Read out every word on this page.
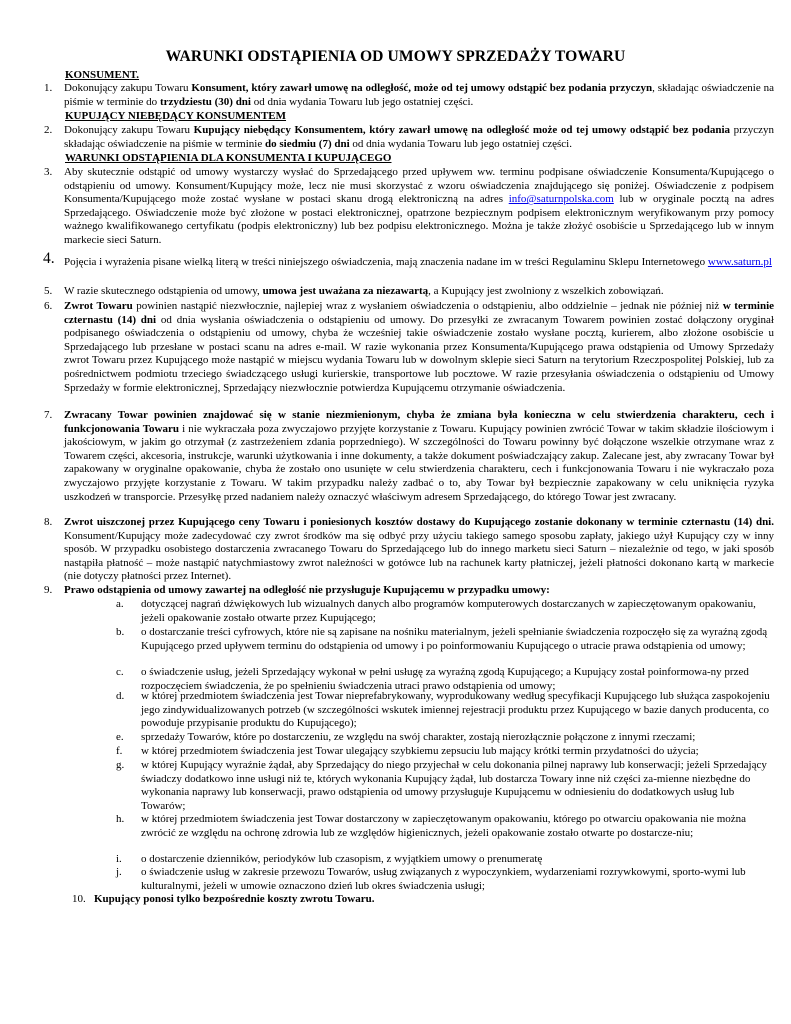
WARUNKI ODSTĄPIENIA OD UMOWY SPRZEDAŻY TOWARU
KONSUMENT.
1. Dokonujący zakupu Towaru Konsument, który zawarł umowę na odległość, może od tej umowy odstąpić bez podania przyczyn, składając oświadczenie na piśmie w terminie do trzydziestu (30) dni od dnia wydania Towaru lub jego ostatniej części.

KUPUJĄCY NIEBĘDĄCY KONSUMENTEM
2. Dokonujący zakupu Towaru Kupujący niebędący Konsumentem, który zawarł umowę na odległość może od tej umowy odstąpić bez podania przyczyn składając oświadczenie na piśmie w terminie do siedmiu (7) dni od dnia wydania Towaru lub jego ostatniej części.

WARUNKI ODSTĄPIENIA DLA KONSUMENTA I KUPUJĄCEGO
3. Aby skutecznie odstąpić od umowy wystarczy wysłać do Sprzedającego przed upływem ww. terminu podpisane oświadczenie Konsumenta/Kupującego o odstąpieniu od umowy. Konsument/Kupujący może, lecz nie musi skorzystać z wzoru oświadczenia znajdującego się poniżej. Oświadczenie z podpisem Konsumenta/Kupującego może zostać wysłane w postaci skanu drogą elektroniczną na adres info@saturnpolska.com lub w oryginale pocztą na adres Sprzedającego. Oświadczenie może być złożone w postaci elektronicznej, opatrzone bezpiecznym podpisem elektronicznym weryfikowanym przy pomocy ważnego kwalifikowanego certyfikatu (podpis elektroniczny) lub bez podpisu elektronicznego. Można je także złożyć osobiście u Sprzedającego lub w innym markecie sieci Saturn.

4. Pojęcia i wyrażenia pisane wielką literą w treści niniejszego oświadczenia, mają znaczenia nadane im w treści Regulaminu Sklepu Internetowego www.saturn.pl

5. W razie skutecznego odstąpienia od umowy, umowa jest uważana za niezawartą, a Kupujący jest zwolniony z wszelkich zobowiązań.

6. Zwrot Towaru powinien nastąpić niezwłocznie, najlepiej wraz z wysłaniem oświadczenia o odstąpieniu, albo oddzielnie – jednak nie później niż w terminie czternastu (14) dni od dnia wysłania oświadczenia o odstąpieniu od umowy. Do przesyłki ze zwracanym Towarem powinien zostać dołączony oryginał podpisanego oświadczenia o odstąpieniu od umowy, chyba że wcześniej takie oświadczenie zostało wysłane pocztą, kurierem, albo złożone osobiście u Sprzedającego lub przesłane w postaci scanu na adres e-mail. W razie wykonania przez Konsumenta/Kupującego prawa odstąpienia od Umowy Sprzedaży zwrot Towaru przez Kupującego może nastąpić w miejscu wydania Towaru lub w dowolnym sklepie sieci Saturn na terytorium Rzeczpospolitej Polskiej, lub za pośrednictwem podmiotu trzeciego świadczącego usługi kurierskie, transportowe lub pocztowe. W razie przesyłania oświadczenia o odstąpieniu od Umowy Sprzedaży w formie elektronicznej, Sprzedający niezwłocznie potwierdza Kupującemu otrzymanie oświadczenia.

7. Zwracany Towar powinien znajdować się w stanie niezmienionym, chyba że zmiana była konieczna w celu stwierdzenia charakteru, cech i funkcjonowania Towaru i nie wykraczała poza zwyczajowo przyjęte korzystanie z Towaru. Kupujący powinien zwrócić Towar w takim składzie ilościowym i jakościowym, w jakim go otrzymał (z zastrzeżeniem zdania poprzedniego). W szczególności do Towaru powinny być dołączone wszelkie otrzymane wraz z Towarem części, akcesoria, instrukcje, warunki użytkowania i inne dokumenty, a także dokument poświadczający zakup. Zalecane jest, aby zwracany Towar był zapakowany w oryginalne opakowanie, chyba że zostało ono usunięte w celu stwierdzenia charakteru, cech i funkcjonowania Towaru i nie wykraczało poza zwyczajowo przyjęte korzystanie z Towaru. W takim przypadku należy zadbać o to, aby Towar był bezpiecznie zapakowany w celu uniknięcia ryzyka uszkodzeń w transporcie. Przesyłkę przed nadaniem należy oznaczyć właściwym adresem Sprzedającego, do którego Towar jest zwracany.

8. Zwrot uiszczonej przez Kupującego ceny Towaru i poniesionych kosztów dostawy do Kupującego zostanie dokonany w terminie czternastu (14) dni. Konsument/Kupujący może zadecydować czy zwrot środków ma się odbyć przy użyciu takiego samego sposobu zapłaty, jakiego użył Kupujący czy w inny sposób. W przypadku osobistego dostarczenia zwracanego Towaru do Sprzedającego lub do innego marketu sieci Saturn – niezależnie od tego, w jaki sposób nastąpiła płatność – może nastąpić natychmiastowy zwrot należności w gotówce lub na rachunek karty płatniczej, jeżeli płatności dokonano kartą w markecie (nie dotyczy płatności przez Internet).

9. Prawo odstąpienia od umowy zawartej na odległość nie przysługuje Kupującemu w przypadku umowy:

a. dotyczącej nagrań dźwiękowych lub wizualnych danych albo programów komputerowych dostarczanych w zapieczętowanym opakowaniu, jeżeli opakowanie zostało otwarte przez Kupującego;

b. o dostarczanie treści cyfrowych, które nie są zapisane na nośniku materialnym, jeżeli spełnianie świadczenia rozpoczęło się za wyraźną zgodą Kupującego przed upływem terminu do odstąpienia od umowy i po poinformowaniu Kupującego o utracie prawa odstąpienia od umowy;

c. o świadczenie usług, jeżeli Sprzedający wykonał w pełni usługę za wyraźną zgodą Kupującego; a Kupujący został poinformowa-ny przed rozpoczęciem świadczenia, że po spełnieniu świadczenia utraci prawo odstąpienia od umowy;

d. w której przedmiotem świadczenia jest Towar nieprefabrykowany, wyprodukowany według specyfikacji Kupującego lub służąca zaspokojeniu jego zindywidualizowanych potrzeb (w szczególności wskutek imiennej rejestracji produktu przez Kupującego w bazie danych producenta, co powoduje przypisanie produktu do Kupującego);

e. sprzedaży Towarów, które po dostarczeniu, ze względu na swój charakter, zostają nierozłącznie połączone z innymi rzeczami;

f. w której przedmiotem świadczenia jest Towar ulegający szybkiemu zepsuciu lub mający krótki termin przydatności do użycia;

g. w której Kupujący wyraźnie żądał, aby Sprzedający do niego przyjechał w celu dokonania pilnej naprawy lub konserwacji; jeżeli Sprzedający świadczy dodatkowo inne usługi niż te, których wykonania Kupujący żądał, lub dostarcza Towary inne niż części za-mienne niezbędne do wykonania naprawy lub konserwacji, prawo odstąpienia od umowy przysługuje Kupującemu w odniesieniu do dodatkowych usług lub Towarów;

h. w której przedmiotem świadczenia jest Towar dostarczony w zapieczętowanym opakowaniu, którego po otwarciu opakowania nie można zwrócić ze względu na ochronę zdrowia lub ze względów higienicznych, jeżeli opakowanie zostało otwarte po dostarcze-niu;

i. o dostarczenie dzienników, periodyków lub czasopism, z wyjątkiem umowy o prenumeratę

j. o świadczenie usług w zakresie przewozu Towarów, usług związanych z wypoczynkiem, wydarzeniami rozrywkowymi, sporto-wymi lub kulturalnymi, jeżeli w umowie oznaczono dzień lub okres świadczenia usługi;

10. Kupujący ponosi tylko bezpośrednie koszty zwrotu Towaru.
